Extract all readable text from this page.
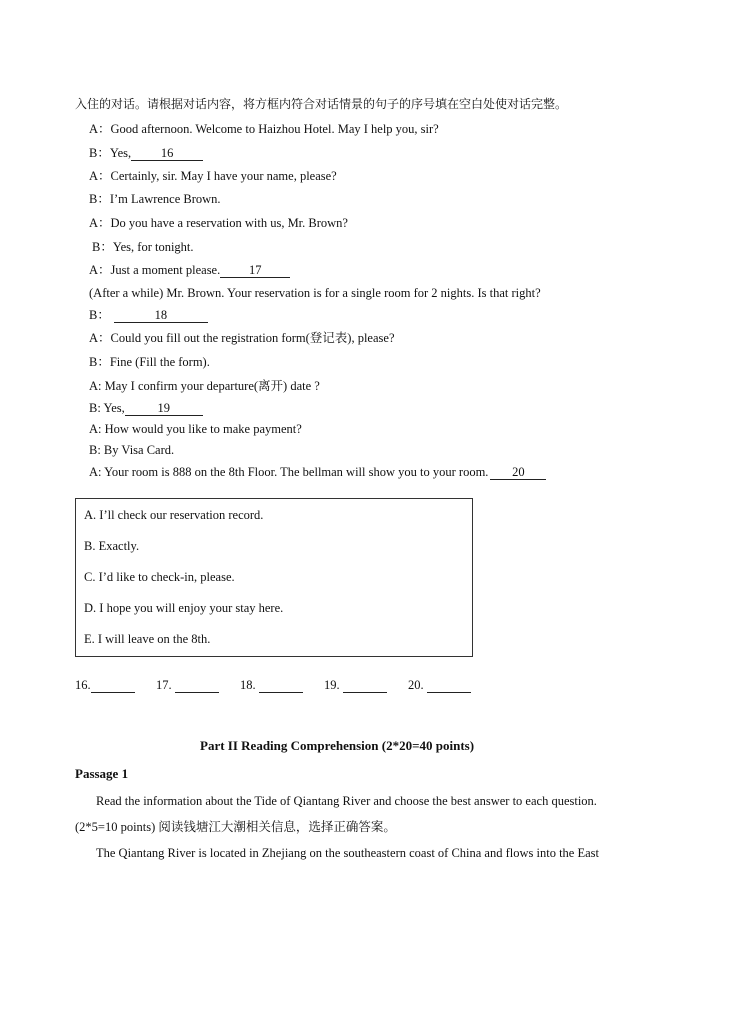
入住的对话。请根据对话内容，将方框内符合对话情景的句子的序号填在空白处使对话完整。
A：Good afternoon. Welcome to Haizhou Hotel. May I help you, sir?
B：Yes, 16
A：Certainly, sir. May I have your name, please?
B：I’m Lawrence Brown.
A：Do you have a reservation with us, Mr. Brown?
B：Yes, for tonight.
A：Just a moment please. 17
(After a while) Mr. Brown. Your reservation is for a single room for 2 nights. Is that right?
B：	18
A：Could you fill out the registration form(登记表), please?
B：Fine (Fill the form).
A: May I confirm your departure(离开) date ?
B: Yes,	19
A: How would you like to make payment?
B: By Visa Card.
A: Your room is 888 on the 8th Floor. The bellman will show you to your room. 20
A. I’ll check our reservation record.
B. Exactly.
C. I’d like to check-in, please.
D. I hope you will enjoy your stay here.
E. I will leave on the 8th.
16.	17.	18.	19.	20.
Part II Reading Comprehension (2*20=40 points)
Passage 1
Read the information about the Tide of Qiantang River and choose the best answer to each question.
(2*5=10 points) 阅读钱塘江大潮相关信息，选择正确答案。
The Qiantang River is located in Zhejiang on the southeastern coast of China and flows into the East
